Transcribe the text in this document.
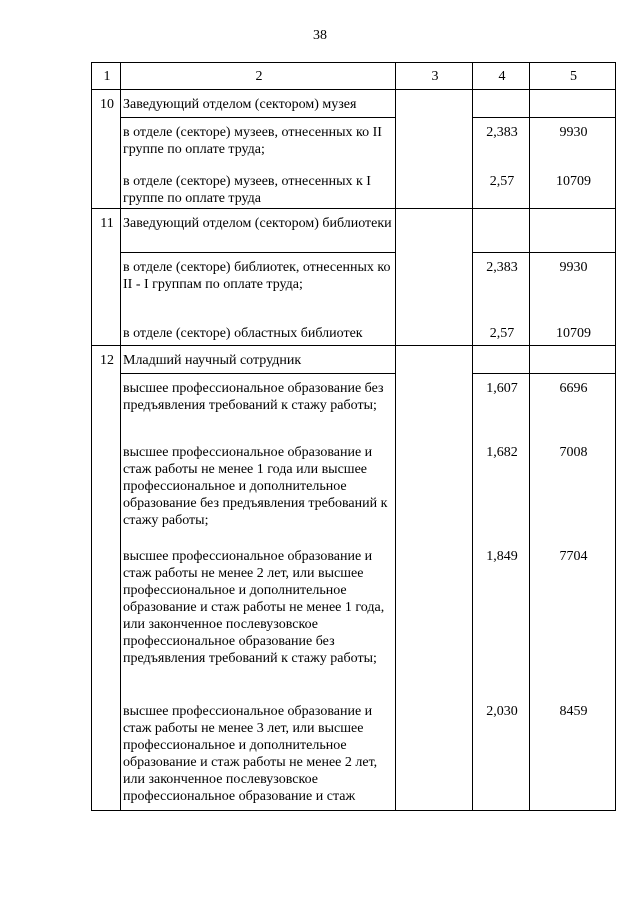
38
1	2	3	4	5
10	Заведующий отделом (сектором) музея			
	в отделе (секторе) музеев, отнесенных ко II группе по оплате труда;		2,383	9930
	в отделе (секторе) музеев, отнесенных к I группе по оплате труда		2,57	10709
11	Заведующий отделом (сектором) библиотеки			
	в отделе (секторе) библиотек, отнесенных ко II - I группам по оплате труда;		2,383	9930
	в отделе (секторе) областных библиотек		2,57	10709
12	Младший научный сотрудник			
	высшее профессиональное образование без предъявления требований к стажу работы;		1,607	6696
	высшее профессиональное образование и стаж работы не менее 1 года или высшее профессиональное и дополнительное образование без предъявления требований к стажу работы;		1,682	7008
	высшее профессиональное образование и стаж работы не менее 2 лет, или высшее профессиональное и дополнительное образование и стаж работы не менее 1 года, или законченное послевузовское профессиональное образование без предъявления требований к стажу работы;		1,849	7704
	высшее профессиональное образование и стаж работы не менее 3 лет, или высшее профессиональное и дополнительное образование и стаж работы не менее 2 лет, или законченное послевузовское профессиональное образование и стаж		2,030	8459
